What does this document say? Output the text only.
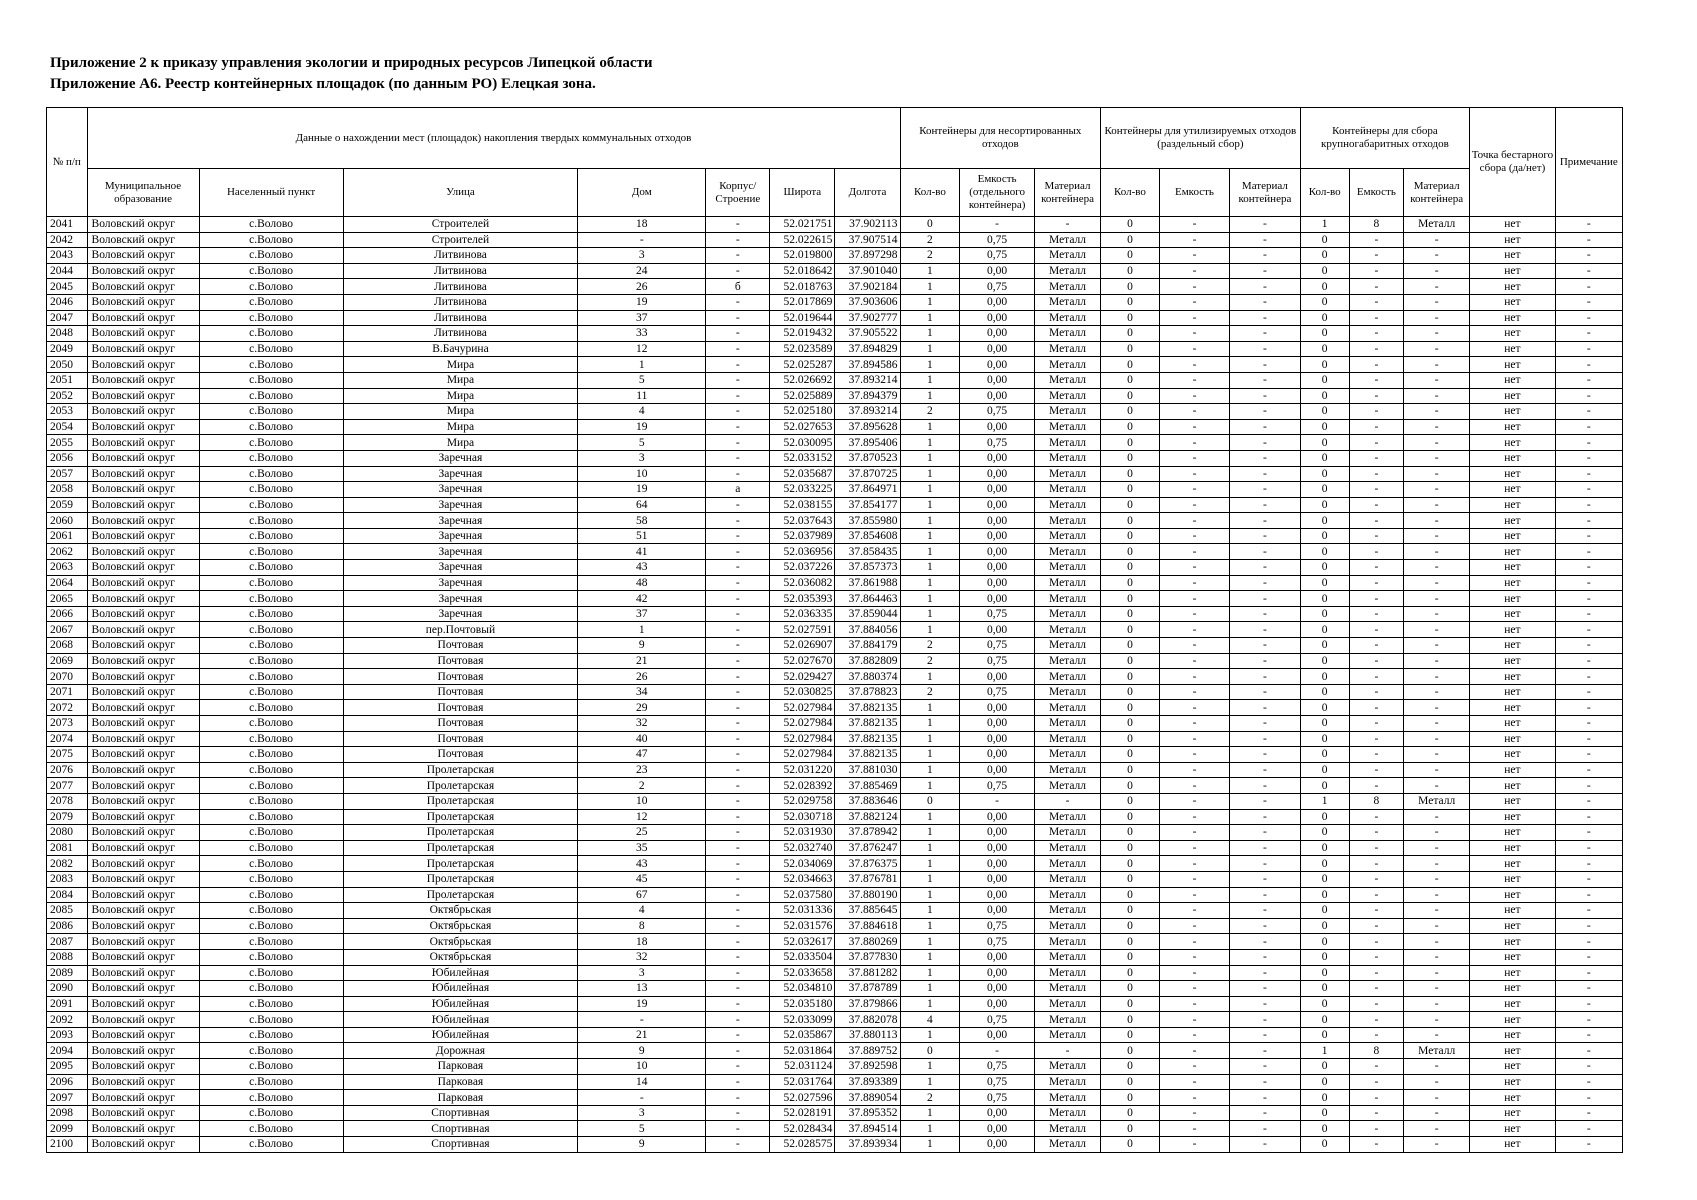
Приложение 2 к приказу управления экологии и природных ресурсов Липецкой области
Приложение А6. Реестр контейнерных площадок (по данным РО) Елецкая зона.
№ п/п	Данные о нахождении мест (площадок) накопления твердых коммунальных отходов							Контейнеры для несортированных отходов			Контейнеры для утилизируемых отходов (раздельный сбор)			Контейнеры для сбора крупногабаритных отходов			Точка бестарного сбора (да/нет)	Примечание
	Муниципальное образование	Населенный пункт	Улица	Дом	Корпус/ Строение	Широта	Долгота	Кол-во	Емкость (отдельного контейнера)	Материал контейнера	Кол-во	Емкость	Материал контейнера	Кол-во	Емкость	Материал контейнера		
2041	Воловский округ	с.Волово	Строителей	18	-	52.021751	37.902113	0	-	-	0	-	-	1	8	Металл	нет	-
2042	Воловский округ	с.Волово	Строителей	-	-	52.022615	37.907514	2	0,75	Металл	0	-	-	0	-	-	нет	-
2043	Воловский округ	с.Волово	Литвинова	3	-	52.019800	37.897298	2	0,75	Металл	0	-	-	0	-	-	нет	-
2044	Воловский округ	с.Волово	Литвинова	24	-	52.018642	37.901040	1	0,00	Металл	0	-	-	0	-	-	нет	-
2045	Воловский округ	с.Волово	Литвинова	26	б	52.018763	37.902184	1	0,75	Металл	0	-	-	0	-	-	нет	-
2046	Воловский округ	с.Волово	Литвинова	19	-	52.017869	37.903606	1	0,00	Металл	0	-	-	0	-	-	нет	-
2047	Воловский округ	с.Волово	Литвинова	37	-	52.019644	37.902777	1	0,00	Металл	0	-	-	0	-	-	нет	-
2048	Воловский округ	с.Волово	Литвинова	33	-	52.019432	37.905522	1	0,00	Металл	0	-	-	0	-	-	нет	-
2049	Воловский округ	с.Волово	В.Бачурина	12	-	52.023589	37.894829	1	0,00	Металл	0	-	-	0	-	-	нет	-
2050	Воловский округ	с.Волово	Мира	1	-	52.025287	37.894586	1	0,00	Металл	0	-	-	0	-	-	нет	-
2051	Воловский округ	с.Волово	Мира	5	-	52.026692	37.893214	1	0,00	Металл	0	-	-	0	-	-	нет	-
2052	Воловский округ	с.Волово	Мира	11	-	52.025889	37.894379	1	0,00	Металл	0	-	-	0	-	-	нет	-
2053	Воловский округ	с.Волово	Мира	4	-	52.025180	37.893214	2	0,75	Металл	0	-	-	0	-	-	нет	-
2054	Воловский округ	с.Волово	Мира	19	-	52.027653	37.895628	1	0,00	Металл	0	-	-	0	-	-	нет	-
2055	Воловский округ	с.Волово	Мира	5	-	52.030095	37.895406	1	0,75	Металл	0	-	-	0	-	-	нет	-
2056	Воловский округ	с.Волово	Заречная	3	-	52.033152	37.870523	1	0,00	Металл	0	-	-	0	-	-	нет	-
2057	Воловский округ	с.Волово	Заречная	10	-	52.035687	37.870725	1	0,00	Металл	0	-	-	0	-	-	нет	-
2058	Воловский округ	с.Волово	Заречная	19	а	52.033225	37.864971	1	0,00	Металл	0	-	-	0	-	-	нет	-
2059	Воловский округ	с.Волово	Заречная	64	-	52.038155	37.854177	1	0,00	Металл	0	-	-	0	-	-	нет	-
2060	Воловский округ	с.Волово	Заречная	58	-	52.037643	37.855980	1	0,00	Металл	0	-	-	0	-	-	нет	-
2061	Воловский округ	с.Волово	Заречная	51	-	52.037989	37.854608	1	0,00	Металл	0	-	-	0	-	-	нет	-
2062	Воловский округ	с.Волово	Заречная	41	-	52.036956	37.858435	1	0,00	Металл	0	-	-	0	-	-	нет	-
2063	Воловский округ	с.Волово	Заречная	43	-	52.037226	37.857373	1	0,00	Металл	0	-	-	0	-	-	нет	-
2064	Воловский округ	с.Волово	Заречная	48	-	52.036082	37.861988	1	0,00	Металл	0	-	-	0	-	-	нет	-
2065	Воловский округ	с.Волово	Заречная	42	-	52.035393	37.864463	1	0,00	Металл	0	-	-	0	-	-	нет	-
2066	Воловский округ	с.Волово	Заречная	37	-	52.036335	37.859044	1	0,75	Металл	0	-	-	0	-	-	нет	-
2067	Воловский округ	с.Волово	пер.Почтовый	1	-	52.027591	37.884056	1	0,00	Металл	0	-	-	0	-	-	нет	-
2068	Воловский округ	с.Волово	Почтовая	9	-	52.026907	37.884179	2	0,75	Металл	0	-	-	0	-	-	нет	-
2069	Воловский округ	с.Волово	Почтовая	21	-	52.027670	37.882809	2	0,75	Металл	0	-	-	0	-	-	нет	-
2070	Воловский округ	с.Волово	Почтовая	26	-	52.029427	37.880374	1	0,00	Металл	0	-	-	0	-	-	нет	-
2071	Воловский округ	с.Волово	Почтовая	34	-	52.030825	37.878823	2	0,75	Металл	0	-	-	0	-	-	нет	-
2072	Воловский округ	с.Волово	Почтовая	29	-	52.027984	37.882135	1	0,00	Металл	0	-	-	0	-	-	нет	-
2073	Воловский округ	с.Волово	Почтовая	32	-	52.027984	37.882135	1	0,00	Металл	0	-	-	0	-	-	нет	-
2074	Воловский округ	с.Волово	Почтовая	40	-	52.027984	37.882135	1	0,00	Металл	0	-	-	0	-	-	нет	-
2075	Воловский округ	с.Волово	Почтовая	47	-	52.027984	37.882135	1	0,00	Металл	0	-	-	0	-	-	нет	-
2076	Воловский округ	с.Волово	Пролетарская	23	-	52.031220	37.881030	1	0,00	Металл	0	-	-	0	-	-	нет	-
2077	Воловский округ	с.Волово	Пролетарская	2	-	52.028392	37.885469	1	0,75	Металл	0	-	-	0	-	-	нет	-
2078	Воловский округ	с.Волово	Пролетарская	10	-	52.029758	37.883646	0	-	-	0	-	-	1	8	Металл	нет	-
2079	Воловский округ	с.Волово	Пролетарская	12	-	52.030718	37.882124	1	0,00	Металл	0	-	-	0	-	-	нет	-
2080	Воловский округ	с.Волово	Пролетарская	25	-	52.031930	37.878942	1	0,00	Металл	0	-	-	0	-	-	нет	-
2081	Воловский округ	с.Волово	Пролетарская	35	-	52.032740	37.876247	1	0,00	Металл	0	-	-	0	-	-	нет	-
2082	Воловский округ	с.Волово	Пролетарская	43	-	52.034069	37.876375	1	0,00	Металл	0	-	-	0	-	-	нет	-
2083	Воловский округ	с.Волово	Пролетарская	45	-	52.034663	37.876781	1	0,00	Металл	0	-	-	0	-	-	нет	-
2084	Воловский округ	с.Волово	Пролетарская	67	-	52.037580	37.880190	1	0,00	Металл	0	-	-	0	-	-	нет	-
2085	Воловский округ	с.Волово	Октябрьская	4	-	52.031336	37.885645	1	0,00	Металл	0	-	-	0	-	-	нет	-
2086	Воловский округ	с.Волово	Октябрьская	8	-	52.031576	37.884618	1	0,75	Металл	0	-	-	0	-	-	нет	-
2087	Воловский округ	с.Волово	Октябрьская	18	-	52.032617	37.880269	1	0,75	Металл	0	-	-	0	-	-	нет	-
2088	Воловский округ	с.Волово	Октябрьская	32	-	52.033504	37.877830	1	0,00	Металл	0	-	-	0	-	-	нет	-
2089	Воловский округ	с.Волово	Юбилейная	3	-	52.033658	37.881282	1	0,00	Металл	0	-	-	0	-	-	нет	-
2090	Воловский округ	с.Волово	Юбилейная	13	-	52.034810	37.878789	1	0,00	Металл	0	-	-	0	-	-	нет	-
2091	Воловский округ	с.Волово	Юбилейная	19	-	52.035180	37.879866	1	0,00	Металл	0	-	-	0	-	-	нет	-
2092	Воловский округ	с.Волово	Юбилейная	-	-	52.033099	37.882078	4	0,75	Металл	0	-	-	0	-	-	нет	-
2093	Воловский округ	с.Волово	Юбилейная	21	-	52.035867	37.880113	1	0,00	Металл	0	-	-	0	-	-	нет	-
2094	Воловский округ	с.Волово	Дорожная	9	-	52.031864	37.889752	0	-	-	0	-	-	1	8	Металл	нет	-
2095	Воловский округ	с.Волово	Парковая	10	-	52.031124	37.892598	1	0,75	Металл	0	-	-	0	-	-	нет	-
2096	Воловский округ	с.Волово	Парковая	14	-	52.031764	37.893389	1	0,75	Металл	0	-	-	0	-	-	нет	-
2097	Воловский округ	с.Волово	Парковая	-	-	52.027596	37.889054	2	0,75	Металл	0	-	-	0	-	-	нет	-
2098	Воловский округ	с.Волово	Спортивная	3	-	52.028191	37.895352	1	0,00	Металл	0	-	-	0	-	-	нет	-
2099	Воловский округ	с.Волово	Спортивная	5	-	52.028434	37.894514	1	0,00	Металл	0	-	-	0	-	-	нет	-
2100	Воловский округ	с.Волово	Спортивная	9	-	52.028575	37.893934	1	0,00	Металл	0	-	-	0	-	-	нет	-
